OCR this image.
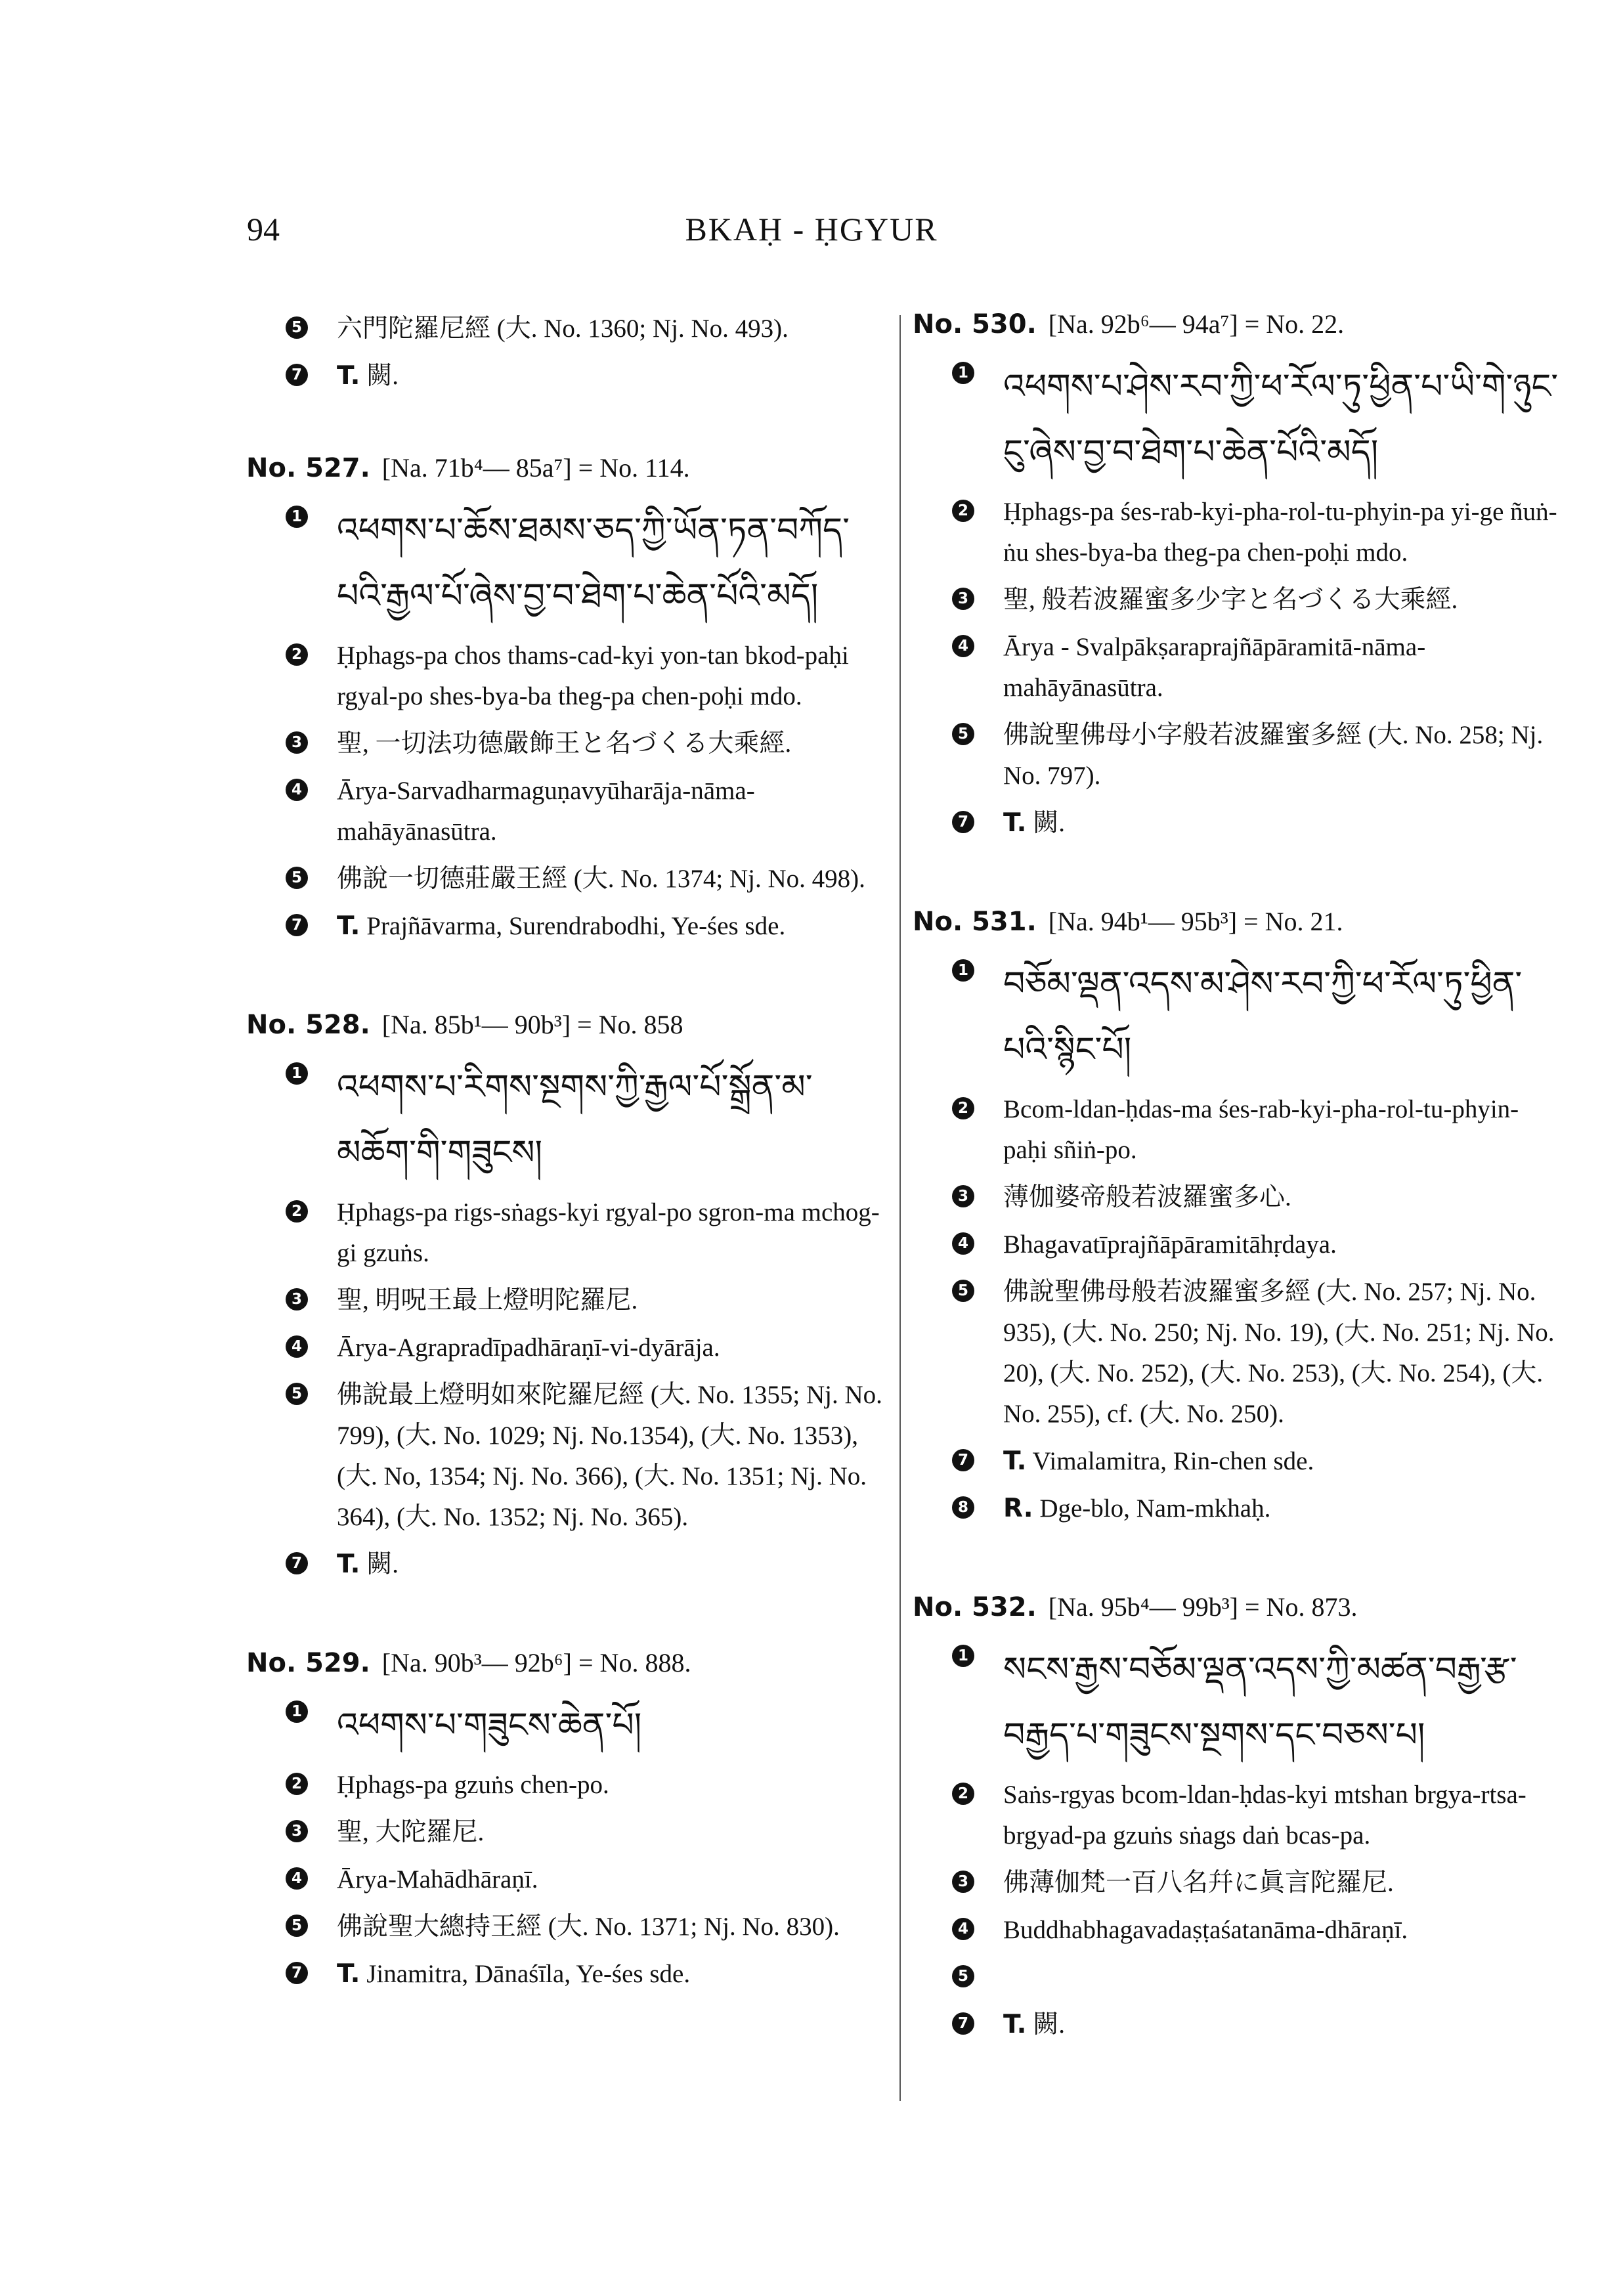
BKAḤ - ḤGYUR
94
5 六門陀羅尼經 (大. No. 1360; Nj. No. 493).
7 T. 闕.
No. 527. [Na. 71b⁴— 85a⁷] = No. 114.
1 འཕགས་པ་ཆོས་ཐམས་ཅད་ཀྱི་ཡོན་ཏན་བཀོད་པའི་རྒྱལ་པོ་ཞེས་བྱ་བ་ཐེག་པ་ཆེན་པོའི་མདོ།
2 Ḥphags-pa chos thams-cad-kyi yon-tan bkod-paḥi rgyal-po shes-bya-ba theg-pa chen-poḥi mdo.
3 聖, 一切法功德嚴飾王と名づくる大乘經.
4 Ārya-Sarvadharmaguṇavyūharāja-nāma-mahāyānasūtra.
5 佛說一切德莊嚴王經 (大. No. 1374; Nj. No. 498).
7 T. Prajñāvarma, Surendrabodhi, Ye-śes sde.
No. 528. [Na. 85b¹— 90b³] = No. 858
1 འཕགས་པ་རིགས་སྔགས་ཀྱི་རྒྱལ་པོ་སྒྲོན་མ་མཆོག་གི་གཟུངས།
2 Ḥphags-pa rigs-sṅags-kyi rgyal-po sgron-ma mchog-gi gzuṅs.
3 聖, 明呪王最上燈明陀羅尼.
4 Ārya-Agrapradīpadhāraṇī-vi-dyārāja.
5 佛說最上燈明如來陀羅尼經 (大. No. 1355; Nj. No. 799), (大. No. 1029; Nj. No.1354), (大. No. 1353), (大. No, 1354; Nj. No. 366), (大. No. 1351; Nj. No. 364), (大. No. 1352; Nj. No. 365).
7 T. 闕.
No. 529. [Na. 90b³— 92b⁶] = No. 888.
1 འཕགས་པ་གཟུངས་ཆེན་པོ།
2 Ḥphags-pa gzuṅs chen-po.
3 聖, 大陀羅尼.
4 Ārya-Mahādhāraṇī.
5 佛說聖大總持王經 (大. No. 1371; Nj. No. 830).
7 T. Jinamitra, Dānaśīla, Ye-śes sde.
No. 530. [Na. 92b⁶— 94a⁷] = No. 22.
1 འཕགས་པ་ཤེས་རབ་ཀྱི་ཕ་རོལ་ཏུ་ཕྱིན་པ་ཡི་གེ་ཉུང་ངུ་ཞེས་བྱ་བ་ཐེག་པ་ཆེན་པོའི་མདོ།
2 Ḥphags-pa śes-rab-kyi-pha-rol-tu-phyin-pa yi-ge ñuṅ-ṅu shes-bya-ba theg-pa chen-poḥi mdo.
3 聖, 般若波羅蜜多少字と名づくる大乘經.
4 Ārya - Svalpākṣaraprajñāpāramitā-nāma-mahāyānasūtra.
5 佛說聖佛母小字般若波羅蜜多經 (大. No. 258; Nj. No. 797).
7 T. 闕.
No. 531. [Na. 94b¹— 95b³] = No. 21.
1 བཅོམ་ལྡན་འདས་མ་ཤེས་རབ་ཀྱི་ཕ་རོལ་ཏུ་ཕྱིན་པའི་སྙིང་པོ།
2 Bcom-ldan-ḥdas-ma śes-rab-kyi-pha-rol-tu-phyin-paḥi sñiṅ-po.
3 薄伽婆帝般若波羅蜜多心.
4 Bhagavatīprajñāpāramitāhṛdaya.
5 佛說聖佛母般若波羅蜜多經 (大. No. 257; Nj. No. 935), (大. No. 250; Nj. No. 19), (大. No. 251; Nj. No. 20), (大. No. 252), (大. No. 253), (大. No. 254), (大. No. 255), cf. (大. No. 250).
7 T. Vimalamitra, Rin-chen sde.
8 R. Dge-blo, Nam-mkhaḥ.
No. 532. [Na. 95b⁴— 99b³] = No. 873.
1 སངས་རྒྱས་བཅོམ་ལྡན་འདས་ཀྱི་མཚན་བརྒྱ་རྩ་བརྒྱད་པ་གཟུངས་སྔགས་དང་བཅས་པ།
2 Saṅs-rgyas bcom-ldan-ḥdas-kyi mtshan brgya-rtsa-brgyad-pa gzuṅs sṅags daṅ bcas-pa.
3 佛薄伽梵一百八名幷に眞言陀羅尼.
4 Buddhabhagavadaṣṭaśatanāma-dhāraṇī.
5
7 T. 闕.
